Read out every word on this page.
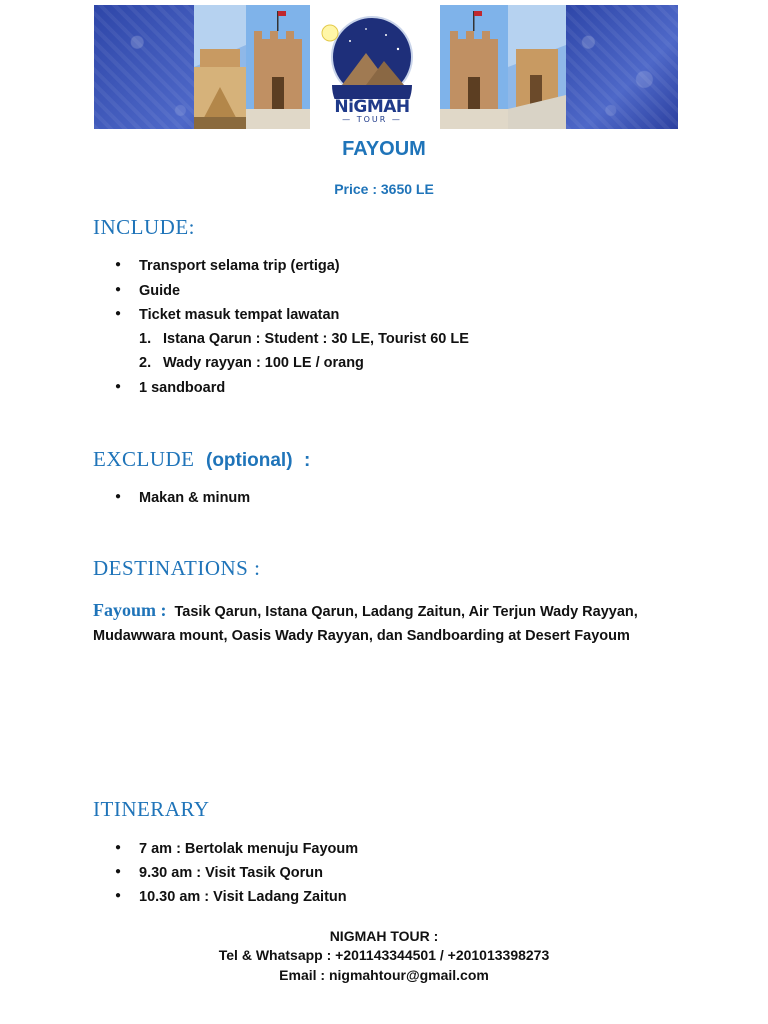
NiGMAH
— TOUR —
FAYOUM
Price : 3650 LE
INCLUDE:
● Transport selama trip (ertiga)
● Guide
● Ticket masuk tempat lawatan
1. Istana Qarun : Student : 30 LE, Tourist 60 LE
2. Wady rayyan : 100 LE / orang
● 1 sandboard
EXCLUDE (optional) :
● Makan & minum
DESTINATIONS :
Fayoum : Tasik Qarun, Istana Qarun, Ladang Zaitun, Air Terjun Wady Rayyan, Mudawwara mount, Oasis Wady Rayyan, dan Sandboarding at Desert Fayoum
ITINERARY
● 7 am : Bertolak menuju Fayoum
● 9.30 am : Visit Tasik Qorun
● 10.30 am : Visit Ladang Zaitun
NIGMAH TOUR :
Tel & Whatsapp : +201143344501 / +201013398273
Email : nigmahtour@gmail.com
